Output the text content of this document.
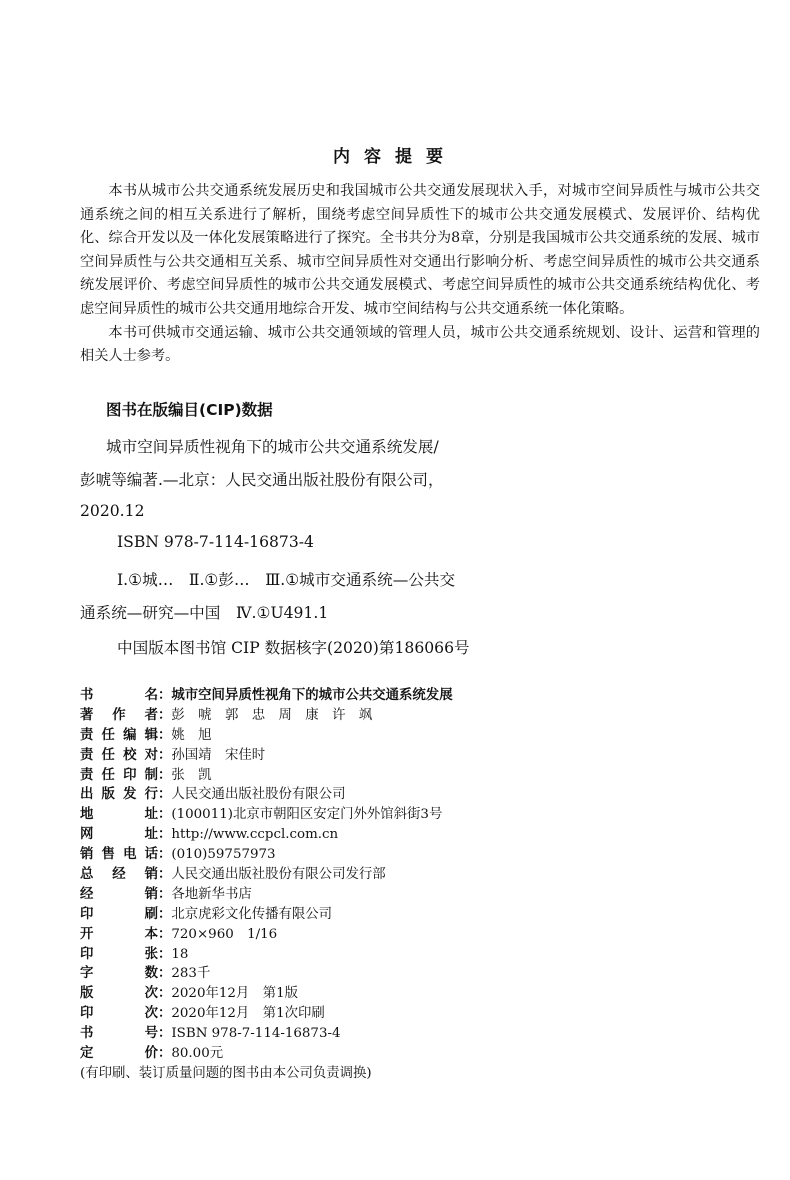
内容提要

本书从城市公共交通系统发展历史和我国城市公共交通发展现状入手，对城市空间异质性与城市公共交通系统之间的相互关系进行了解析，围绕考虑空间异质性下的城市公共交通发展模式、发展评价、结构优化、综合开发以及一体化发展策略进行了探究。全书共分为8章，分别是我国城市公共交通系统的发展、城市空间异质性与公共交通相互关系、城市空间异质性对交通出行影响分析、考虑空间异质性的城市公共交通系统发展评价、考虑空间异质性的城市公共交通发展模式、考虑空间异质性的城市公共交通系统结构优化、考虑空间异质性的城市公共交通用地综合开发、城市空间结构与公共交通系统一体化策略。

本书可供城市交通运输、城市公共交通领域的管理人员，城市公共交通系统规划、设计、运营和管理的相关人士参考。

图书在版编目(CIP)数据
城市空间异质性视角下的城市公共交通系统发展/
彭唬等编著.—北京：人民交通出版社股份有限公司，
2020.12
ISBN 978-7-114-16873-4
Ⅰ.①城…　Ⅱ.①彭…　Ⅲ.①城市交通系统—公共交
通系统—研究—中国　Ⅳ.①U491.1
中国版本图书馆 CIP 数据核字(2020)第186066号
书名：城市空间异质性视角下的城市公共交通系统发展
著作者：彭　唬　郭　忠　周　康　许　飒
责任编辑：姚　旭
责任校对：孙国靖　宋佳时
责任印制：张　凯
出版发行：人民交通出版社股份有限公司
地址：(100011)北京市朝阳区安定门外外馆斜街3号
网址：http://www.ccpcl.com.cn
销售电话：(010)59757973
总经销：人民交通出版社股份有限公司发行部
经销：各地新华书店
印刷：北京虎彩文化传播有限公司
开本：720×960　1/16
印张：18
字数：283千
版次：2020年12月　第1版
印次：2020年12月　第1次印刷
书号：ISBN 978-7-114-16873-4
定价：80.00元
(有印刷、装订质量问题的图书由本公司负责调换)
